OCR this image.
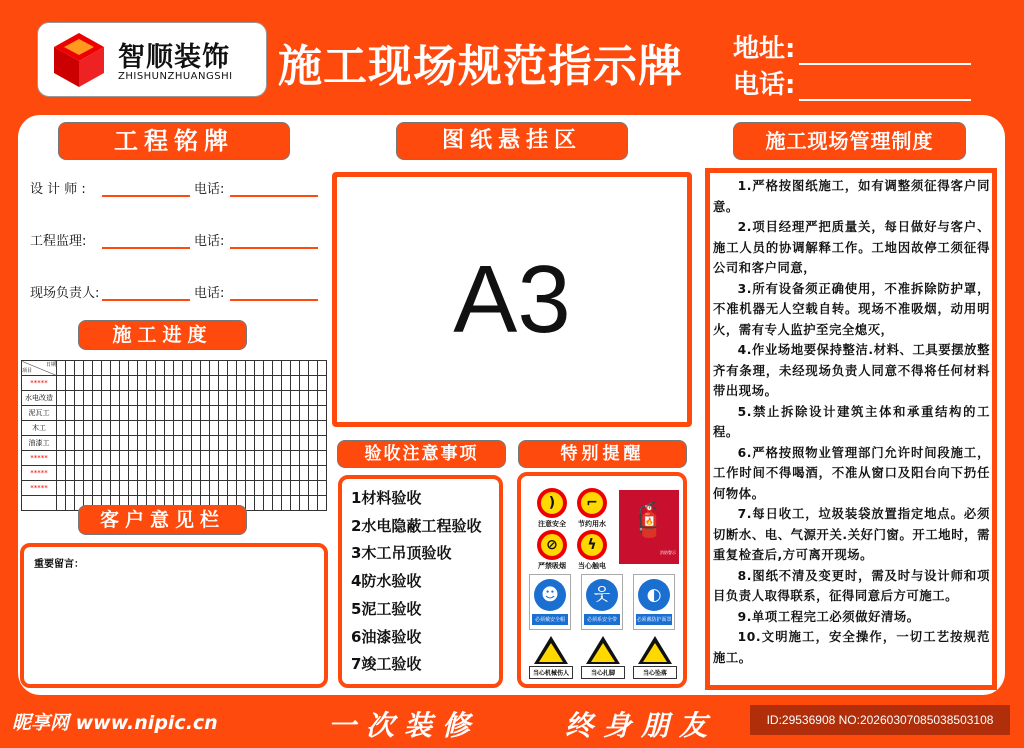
智顺装饰
ZHISHUNZHUANGSHI 施工现场规范指示牌 地址:
电话:
工程铭牌
设 计 师 :	电话:
工程监理:	电话:
现场负责人:	电话:
施工进度
日期
项目																														

*****																														
水电改造																														
泥瓦工																														
木工																														
油漆工																														
*****																														
*****																														
*****																														

客户意见栏
重要留言：
图纸悬挂区
A3
验收注意事项
1材料验收
2水电隐蔽工程验收
3木工吊顶验收
4防水验收
5泥工验收
6油漆验收
7竣工验收
特别提醒
)
注意安全
⌐
节约用水
⊘
严禁吸烟
ϟ
当心触电
🧯
消防警示
☻
必须戴安全帽
웃
必须系安全带
◐
必须戴防护面罩
当心机械伤人	当心扎脚	当心坠落
施工现场管理制度

1.严格按图纸施工，如有调整须征得客户同意。

2.项目经理严把质量关，每日做好与客户、施工人员的协调解释工作。工地因故停工须征得公司和客户同意，

3.所有设备须正确使用，不准拆除防护罩，不准机器无人空载自转。现场不准吸烟，动用明火，需有专人监护至完全熄灭，

4.作业场地要保持整洁.材料、工具要摆放整齐有条理，未经现场负责人同意不得将任何材料带出现场。

5.禁止拆除设计建筑主体和承重结构的工程。

6.严格按照物业管理部门允许时间段施工，工作时间不得喝酒，不准从窗口及阳台向下扔任何物体。

7.每日收工，垃圾装袋放置指定地点。必须切断水、电、气源开关.关好门窗。开工地时，需重复检查后,方可离开现场。

8.图纸不清及变更时，需及时与设计师和项目负责人取得联系，征得同意后方可施工。

9.单项工程完工必须做好清场。

10.文明施工，安全操作，一切工艺按规范施工。

昵享网 www.nipic.cn	一次装修	终身朋友	ID:29536908 NO:20260307085038503108
